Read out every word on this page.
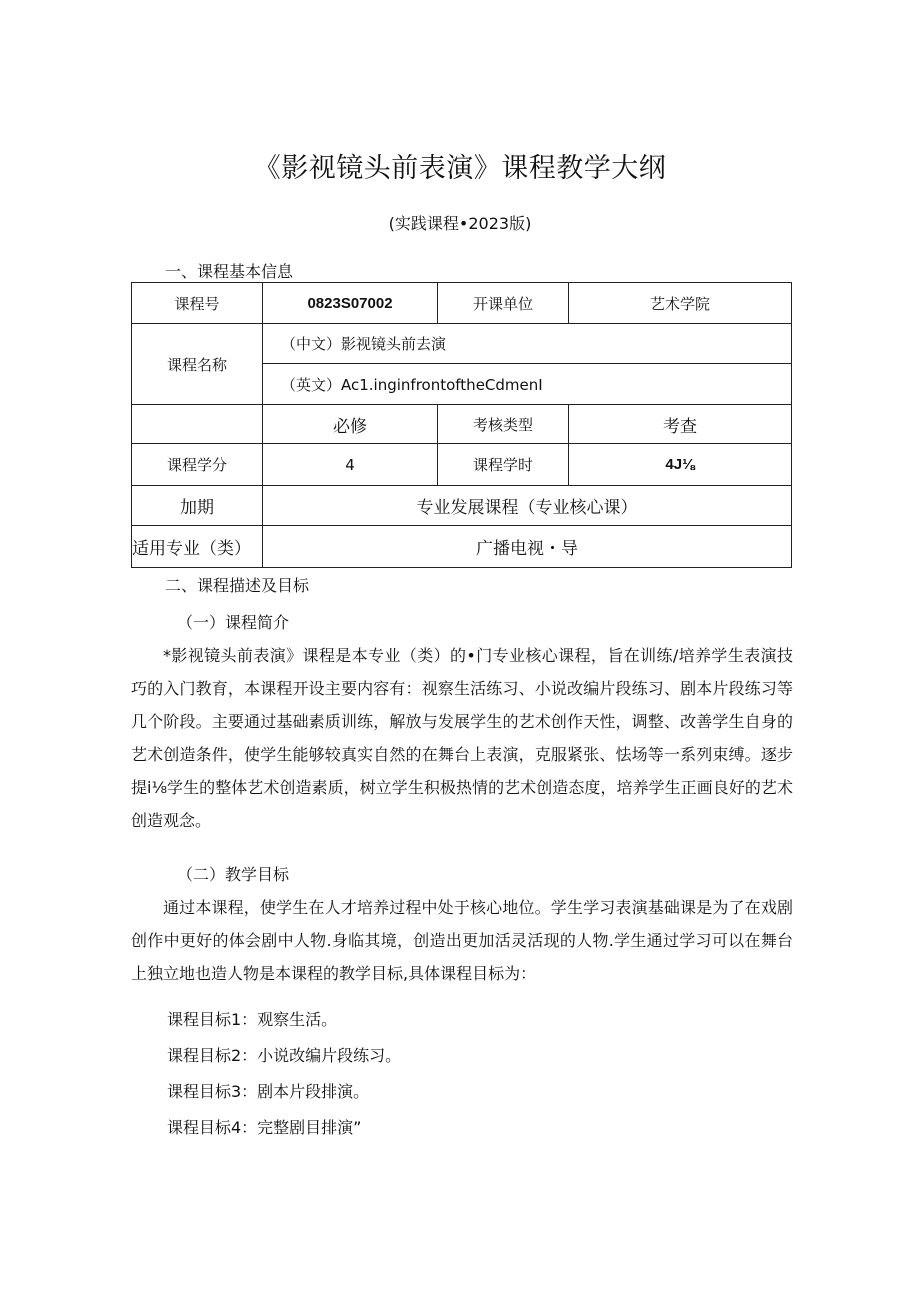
《影视镜头前表演》课程教学大纲

(实践课程•2023版)

一、课程基本信息
课程号	0823S07002	开课单位	艺术学院
课程名称	（中文）影视镜头前去演		
	（英文）Ac1.inginfrontoftheCdmenI		
	必修	考核类型	考查
课程学分	4	课程学时	4J⅛
加期	专业发展课程（专业核心课）		
适用专业（类）	广播电视・导		
二、课程描述及目标
（一）课程简介

*影视镜头前表演》课程是本专业（类）的•门专业核心课程，旨在训练/培养学生表演技巧的入门教育，本课程开设主要内容有：视察生活练习、小说改编片段练习、剧本片段练习等几个阶段。主要通过基础素质训练，解放与发展学生的艺术创作天性，调整、改善学生自身的艺术创造条件，使学生能够较真实自然的在舞台上表演，克服紧张、怯场等一系列束缚。逐步提i⅛学生的整体艺术创造素质，树立学生积极热情的艺术创造态度，培养学生正画良好的艺术创造观念。

（二）教学目标

通过本课程，使学生在人才培养过程中处于核心地位。学生学习表演基础课是为了在戏剧创作中更好的体会剧中人物.身临其境，创造出更加活灵活现的人物.学生通过学习可以在舞台上独立地也造人物是本课程的教学目标,具体课程目标为：

课程目标1：观察生活。

课程目标2：小说改编片段练习。

课程目标3：剧本片段排演。

课程目标4：完整剧目排演”
